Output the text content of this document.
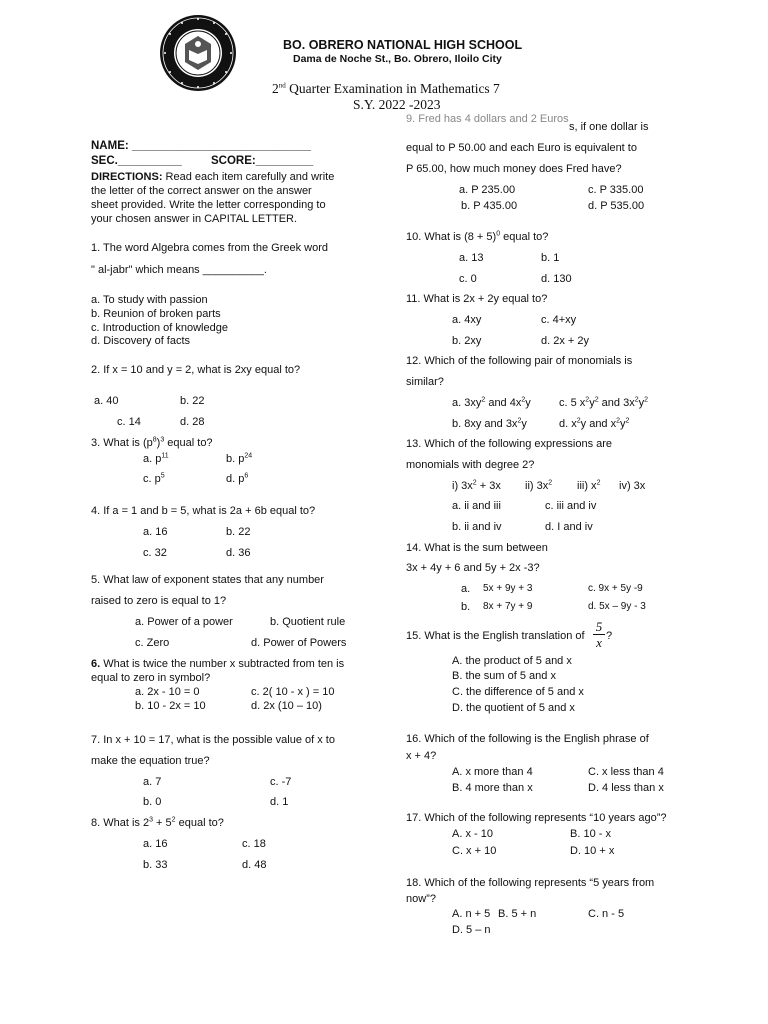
BO. OBRERO NATIONAL HIGH SCHOOL
Dama de Noche St., Bo. Obrero, Iloilo City
2nd Quarter Examination in Mathematics 7
S.Y. 2022 -2023
NAME: ____________________________
SEC.__________	SCORE:_________
DIRECTIONS: Read each item carefully and write
the letter of the correct answer on the answer
sheet provided. Write the letter corresponding to
your chosen answer in CAPITAL LETTER.
1. The word Algebra comes from the Greek word
" al-jabr" which means __________.
a. To study with passion
b. Reunion of broken parts
c. Introduction of knowledge
d. Discovery of facts
2. If x = 10 and y = 2, what is 2xy equal to?
a. 40	b. 22
c. 14	d. 28
3. What is $(p^8)^3$ equal to?
a. $p^{11}$	b. $p^{24}$
c. $p^5$	d. $p^6$
4. If a = 1 and b = 5, what is 2a + 6b equal to?
a. 16	b. 22
c. 32	d. 36
5. What law of exponent states that any number
raised to zero is equal to 1?
a. Power of a power	b. Quotient rule
c. Zero	d. Power of Powers
6. What is twice the number x subtracted from ten is
equal to zero in symbol?
a. 2x - 10 = 0	c. 2( 10 - x ) = 10
b. 10 - 2x = 10	d. 2x (10 – 10)
7. In x + 10 = 17, what is the possible value of x to
make the equation true?
a. 7	c. -7
b. 0	d. 1
8. What is $2^3 + 5^2$ equal to?
a. 16	c. 18
b. 33	d. 48
9. Fred has 4 dollars and 2 Euros
s, if one dollar is
equal to P 50.00 and each Euro is equivalent to
P 65.00, how much money does Fred have?
a. P 235.00	c. P 335.00
b. P 435.00	d. P 535.00
10. What is $(8 + 5)^0$ equal to?
a. 13	b. 1
c. 0	d. 130
11. What is 2x + 2y equal to?
a. 4xy	c. 4+xy
b. 2xy	d. 2x + 2y
12. Which of the following pair of monomials is
similar?
a. $3xy^2$ and $4x^2y$	c. 5 $x^2y^2$ and $3x^2y^2$
b. 8xy and $3x^2y$	d. $x^2y$ and $x^2y^2$
13. Which of the following expressions are
monomials with degree 2?
i) $3x^2 + 3x$ ii) $3x^2$ iii) $x^2$ iv) 3x
a. ii and iii	c. iii and iv
b. ii and iv	d. I and iv
14. What is the sum between
3x + 4y + 6 and 5y + 2x -3?
a. 5x + 9y + 3	c. 9x + 5y -9
b. 8x + 7y + 9	d. 5x – 9y - 3
15. What is the English translation of
5
x ?
A. the product of 5 and x
B. the sum of 5 and x
C. the difference of 5 and x
D. the quotient of 5 and x
16. Which of the following is the English phrase of
x + 4?
A. x more than 4	C. x less than 4
B. 4 more than x	D. 4 less than x
17. Which of the following represents “10 years ago”?
A. x - 10	B. 10 - x
C. x + 10	D. 10 + x
18. Which of the following represents “5 years from
now”?
A. n + 5 B. 5 + n	C. n - 5
D. 5 – n
